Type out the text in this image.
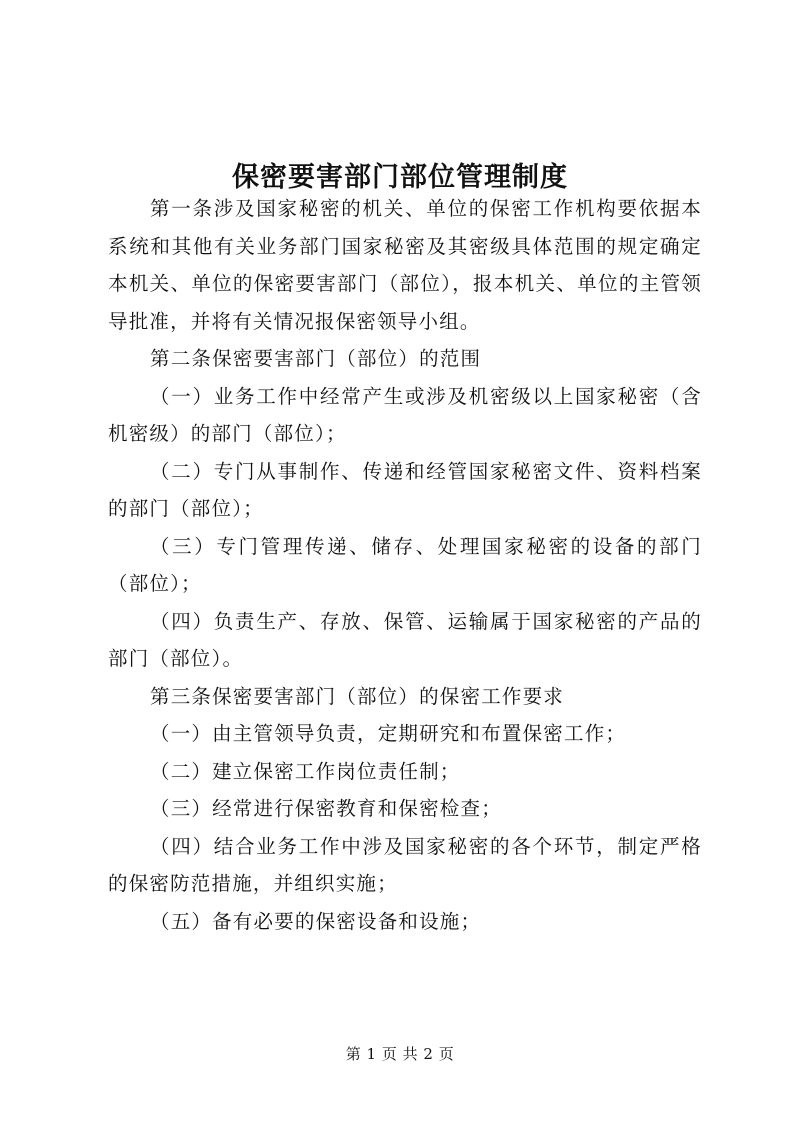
保密要害部门部位管理制度

第一条涉及国家秘密的机关、单位的保密工作机构要依据本系统和其他有关业务部门国家秘密及其密级具体范围的规定确定本机关、单位的保密要害部门（部位），报本机关、单位的主管领导批准，并将有关情况报保密领导小组。

第二条保密要害部门（部位）的范围

（一）业务工作中经常产生或涉及机密级以上国家秘密（含机密级）的部门（部位）；

（二）专门从事制作、传递和经管国家秘密文件、资料档案的部门（部位）；

（三）专门管理传递、储存、处理国家秘密的设备的部门（部位）；

（四）负责生产、存放、保管、运输属于国家秘密的产品的部门（部位）。

第三条保密要害部门（部位）的保密工作要求

（一）由主管领导负责，定期研究和布置保密工作；

（二）建立保密工作岗位责任制；

（三）经常进行保密教育和保密检查；

（四）结合业务工作中涉及国家秘密的各个环节，制定严格的保密防范措施，并组织实施；

（五）备有必要的保密设备和设施；

第 1 页 共 2 页
